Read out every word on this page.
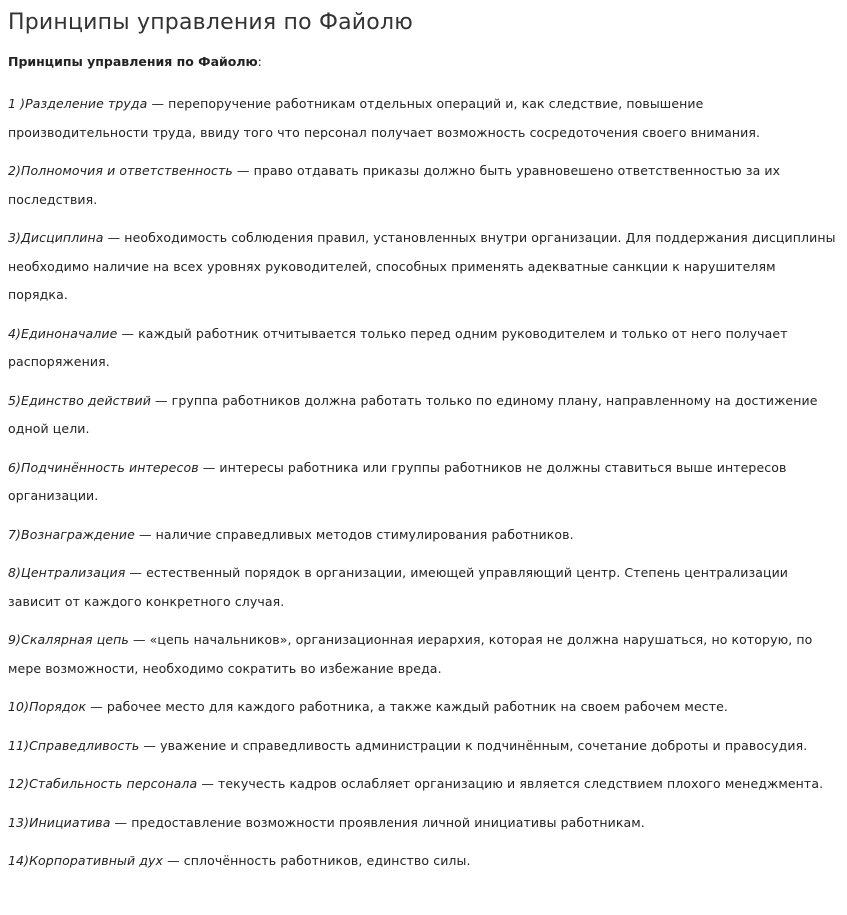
Принципы управления по Файолю

Принципы управления по Файолю:

1 )Разделение труда — перепоручение работникам отдельных операций и, как следствие, повышение производительности труда, ввиду того что персонал получает возможность сосредоточения своего внимания.

2)Полномочия и ответственность — право отдавать приказы должно быть уравновешено ответственностью за их последствия.

3)Дисциплина — необходимость соблюдения правил, установленных внутри организации. Для поддержания дисциплины необходимо наличие на всех уровнях руководителей, способных применять адекватные санкции к нарушителям порядка.

4)Единоначалие — каждый работник отчитывается только перед одним руководителем и только от него получает распоряжения.

5)Единство действий — группа работников должна работать только по единому плану, направленному на достижение одной цели.

6)Подчинённость интересов — интересы работника или группы работников не должны ставиться выше интересов организации.

7)Вознаграждение — наличие справедливых методов стимулирования работников.

8)Централизация — естественный порядок в организации, имеющей управляющий центр. Степень централизации зависит от каждого конкретного случая.

9)Скалярная цепь — «цепь начальников», организационная иерархия, которая не должна нарушаться, но которую, по мере возможности, необходимо сократить во избежание вреда.

10)Порядок — рабочее место для каждого работника, а также каждый работник на своем рабочем месте.

11)Справедливость — уважение и справедливость администрации к подчинённым, сочетание доброты и правосудия.

12)Стабильность персонала — текучесть кадров ослабляет организацию и является следствием плохого менеджмента.

13)Инициатива — предоставление возможности проявления личной инициативы работникам.

14)Корпоративный дух — сплочённость работников, единство силы.
